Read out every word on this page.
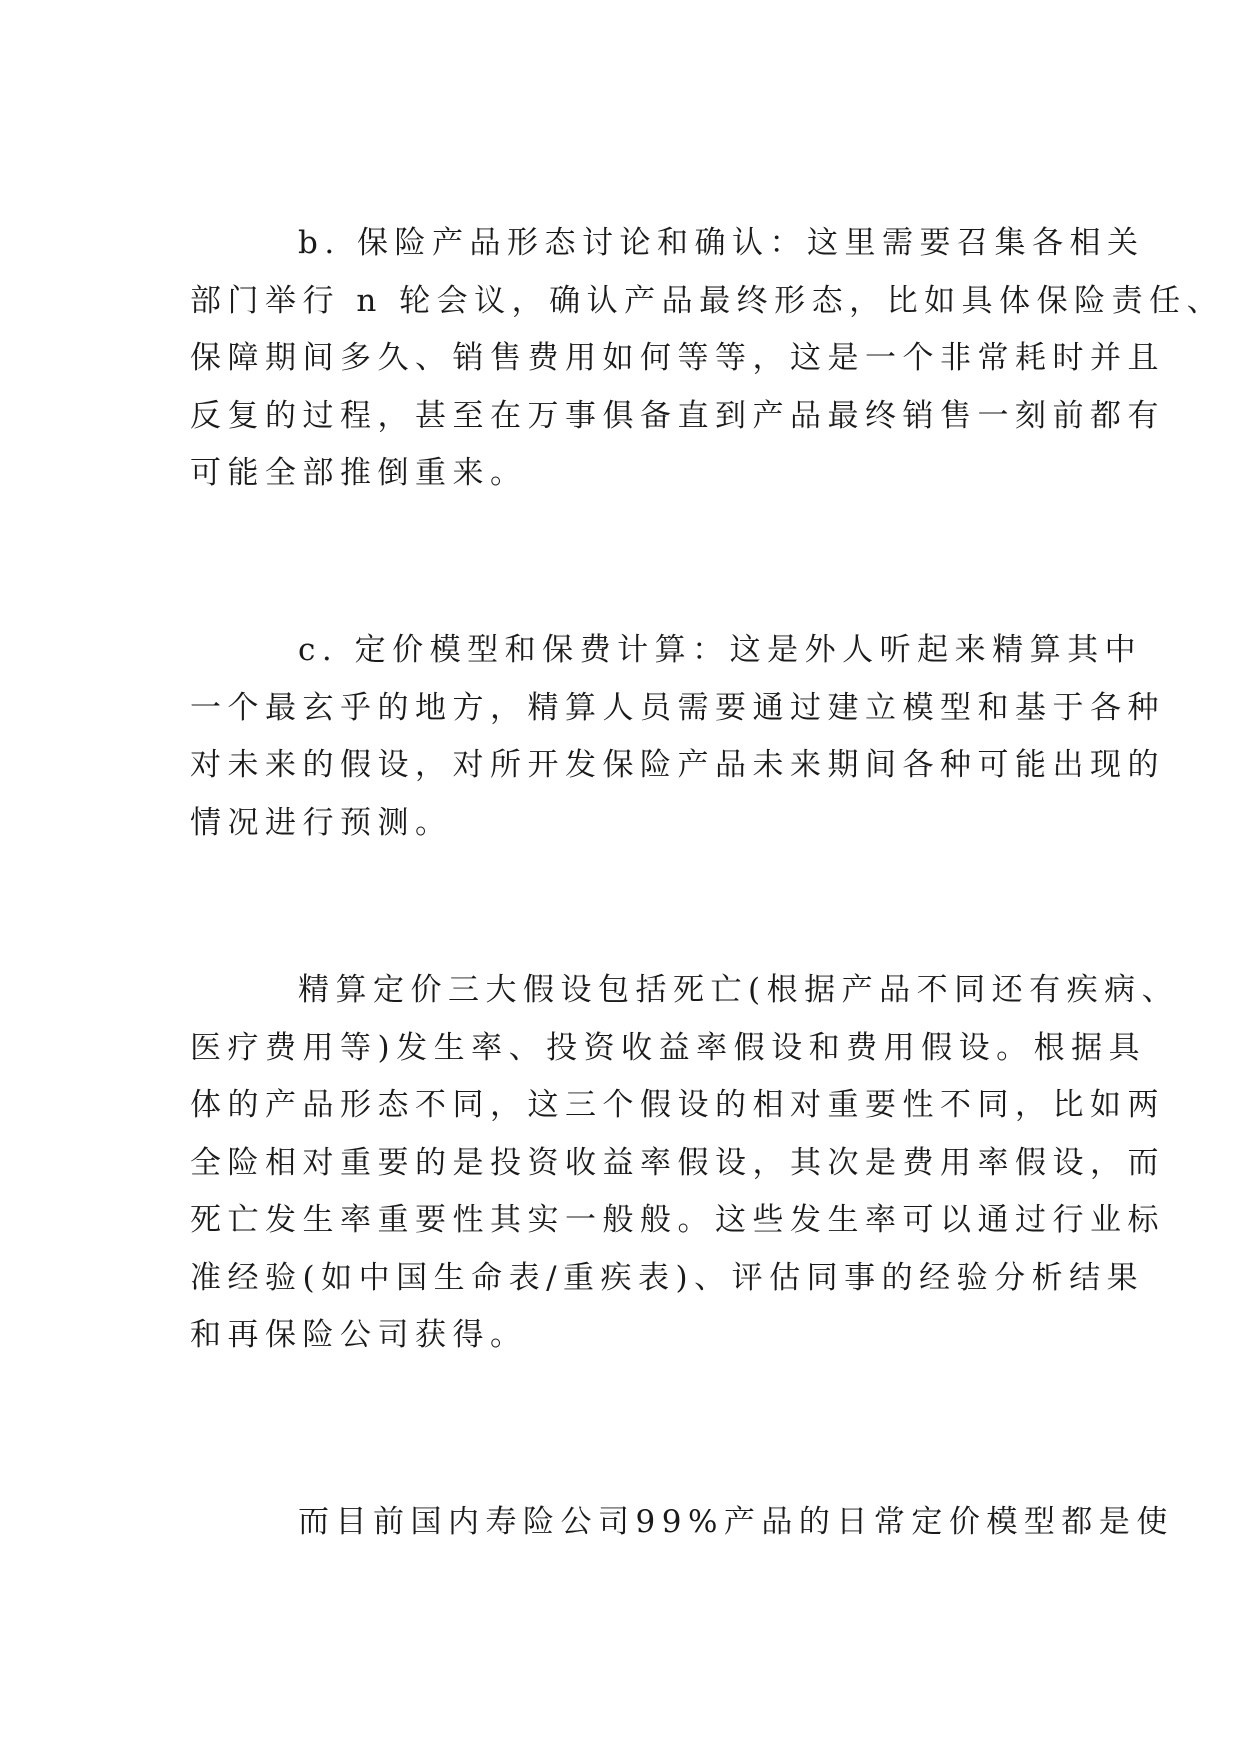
b. 保险产品形态讨论和确认：这里需要召集各相关
部门举行 n 轮会议，确认产品最终形态，比如具体保险责任、
保障期间多久、销售费用如何等等，这是一个非常耗时并且
反复的过程，甚至在万事俱备直到产品最终销售一刻前都有
可能全部推倒重来。
c. 定价模型和保费计算：这是外人听起来精算其中
一个最玄乎的地方，精算人员需要通过建立模型和基于各种
对未来的假设，对所开发保险产品未来期间各种可能出现的
情况进行预测。
精算定价三大假设包括死亡(根据产品不同还有疾病、
医疗费用等)发生率、投资收益率假设和费用假设。根据具
体的产品形态不同，这三个假设的相对重要性不同，比如两
全险相对重要的是投资收益率假设，其次是费用率假设，而
死亡发生率重要性其实一般般。这些发生率可以通过行业标
准经验(如中国生命表/重疾表)、评估同事的经验分析结果
和再保险公司获得。
而目前国内寿险公司99%产品的日常定价模型都是使
